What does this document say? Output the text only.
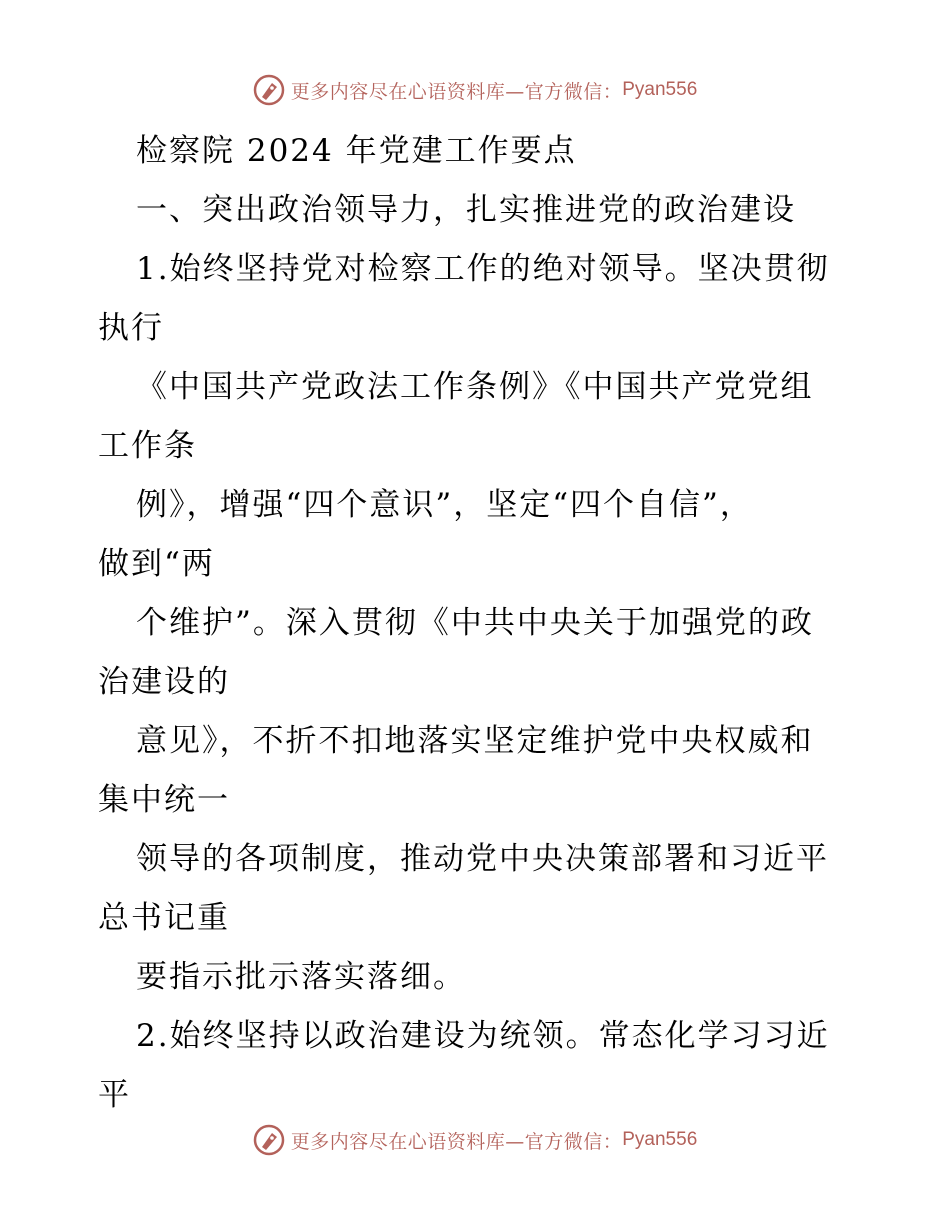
更多内容尽在心语资料库—官方微信： Pyan556
检察院 2024 年党建工作要点
一、突出政治领导力，扎实推进党的政治建设
1.始终坚持党对检察工作的绝对领导。坚决贯彻
执行
《中国共产党政法工作条例》《中国共产党党组
工作条
例》，增强“四个意识”，坚定“四个自信”，
做到“两
个维护”。深入贯彻《中共中央关于加强党的政
治建设的
意见》，不折不扣地落实坚定维护党中央权威和
集中统一
领导的各项制度，推动党中央决策部署和习近平
总书记重
要指示批示落实落细。
2.始终坚持以政治建设为统领。常态化学习习近
平
更多内容尽在心语资料库—官方微信： Pyan556
